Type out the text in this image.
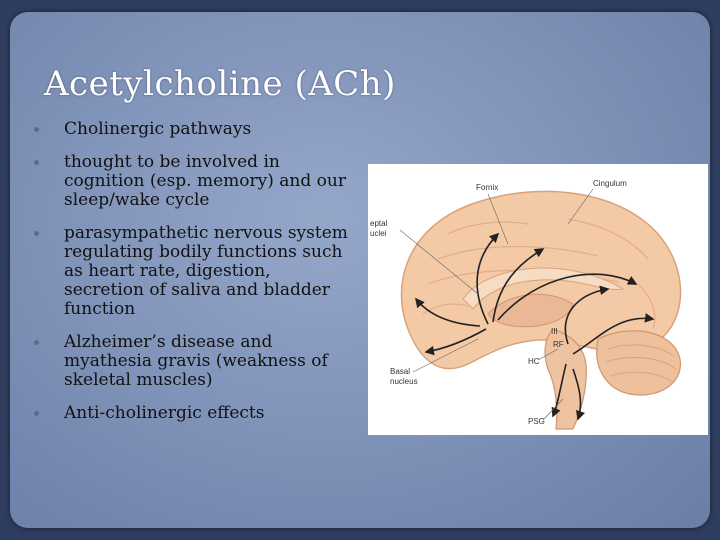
Acetylcholine (ACh)
Cholinergic pathways
thought to be involved in cognition (esp. memory) and our sleep/wake cycle
parasympathetic nervous system regulating bodily functions such as heart rate, digestion, secretion of saliva and bladder function
Alzheimer’s disease and myathesia gravis (weakness of skeletal muscles)
Anti-cholinergic effects
Fornix	Cingulum
eptal
uclei
III
RF
HC
Basal
nucleus
PSG
